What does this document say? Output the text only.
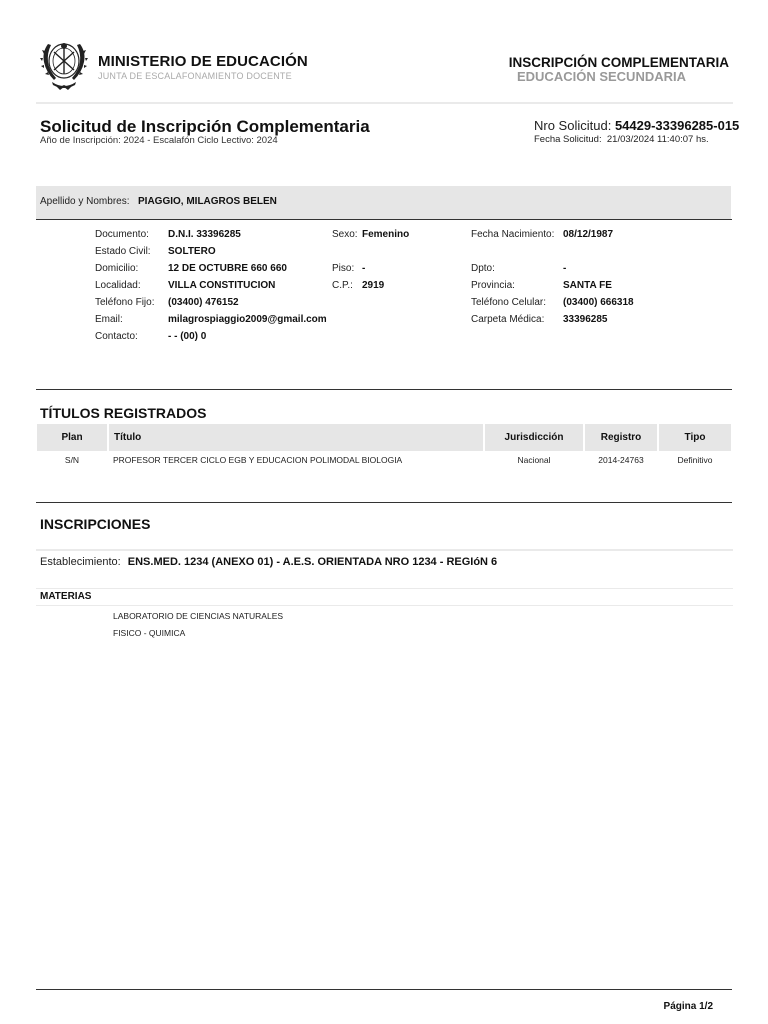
MINISTERIO DE EDUCACIÓN
JUNTA DE ESCALAFONAMIENTO DOCENTE
INSCRIPCIÓN COMPLEMENTARIA
EDUCACIÓN SECUNDARIA
Solicitud de Inscripción Complementaria
Año de Inscripción: 2024 - Escalafón Ciclo Lectivo: 2024
Nro Solicitud: 54429-33396285-015
Fecha Solicitud: 21/03/2024 11:40:07 hs.
Apellido y Nombres: PIAGGIO, MILAGROS BELEN
Documento: D.N.I. 33396285	Sexo: Femenino	Fecha Nacimiento: 08/12/1987
Estado Civil: SOLTERO
Domicilio:	12 DE OCTUBRE 660 660	Piso: -	Dpto:	-
Localidad:	VILLA CONSTITUCION	C.P.: 2919	Provincia:	SANTA FE
Teléfono Fijo: (03400) 476152	Teléfono Celular: (03400) 666318
Email:	milagrospiaggio2009@gmail.com	Carpeta Médica: 33396285
Contacto:	- - (00) 0
TÍTULOS REGISTRADOS
Plan	Título	Jurisdicción	Registro	Tipo
S/N	PROFESOR TERCER CICLO EGB Y EDUCACION POLIMODAL BIOLOGIA	Nacional	2014-24763	Definitivo
INSCRIPCIONES
Establecimiento: ENS.MED. 1234 (ANEXO 01) - A.E.S. ORIENTADA NRO 1234 - REGIóN 6
MATERIAS
LABORATORIO DE CIENCIAS NATURALES
FISICO - QUIMICA
Página 1/2
